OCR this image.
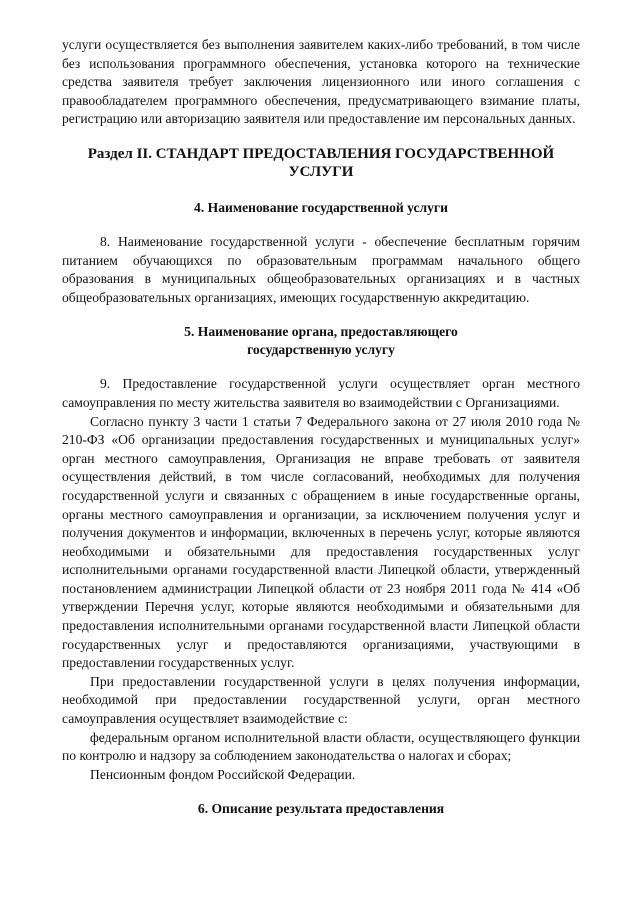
услуги осуществляется без выполнения заявителем каких-либо требований, в том числе без использования программного обеспечения, установка которого на технические средства заявителя требует заключения лицензионного или иного соглашения с правообладателем программного обеспечения, предусматривающего взимание платы, регистрацию или авторизацию заявителя или предоставление им персональных данных.

Раздел II. СТАНДАРТ ПРЕДОСТАВЛЕНИЯ ГОСУДАРСТВЕННОЙ УСЛУГИ
4. Наименование государственной услуги

8. Наименование государственной услуги - обеспечение бесплатным горячим питанием обучающихся по образовательным программам начального общего образования в муниципальных общеобразовательных организациях и в частных общеобразовательных организациях, имеющих государственную аккредитацию.

5. Наименование органа, предоставляющего
государственную услугу

9. Предоставление государственной услуги осуществляет орган местного самоуправления по месту жительства заявителя во взаимодействии с Организациями.

Согласно пункту 3 части 1 статьи 7 Федерального закона от 27 июля 2010 года № 210-ФЗ «Об организации предоставления государственных и муниципальных услуг» орган местного самоуправления, Организация не вправе требовать от заявителя осуществления действий, в том числе согласований, необходимых для получения государственной услуги и связанных с обращением в иные государственные органы, органы местного самоуправления и организации, за исключением получения услуг и получения документов и информации, включенных в перечень услуг, которые являются необходимыми и обязательными для предоставления государственных услуг исполнительными органами государственной власти Липецкой области, утвержденный постановлением администрации Липецкой области от 23 ноября 2011 года № 414 «Об утверждении Перечня услуг, которые являются необходимыми и обязательными для предоставления исполнительными органами государственной власти Липецкой области государственных услуг и предоставляются организациями, участвующими в предоставлении государственных услуг.

При предоставлении государственной услуги в целях получения информации, необходимой при предоставлении государственной услуги, орган местного самоуправления осуществляет взаимодействие с:

федеральным органом исполнительной власти области, осуществляющего функции по контролю и надзору за соблюдением законодательства о налогах и сборах;

Пенсионным фондом Российской Федерации.

6. Описание результата предоставления
